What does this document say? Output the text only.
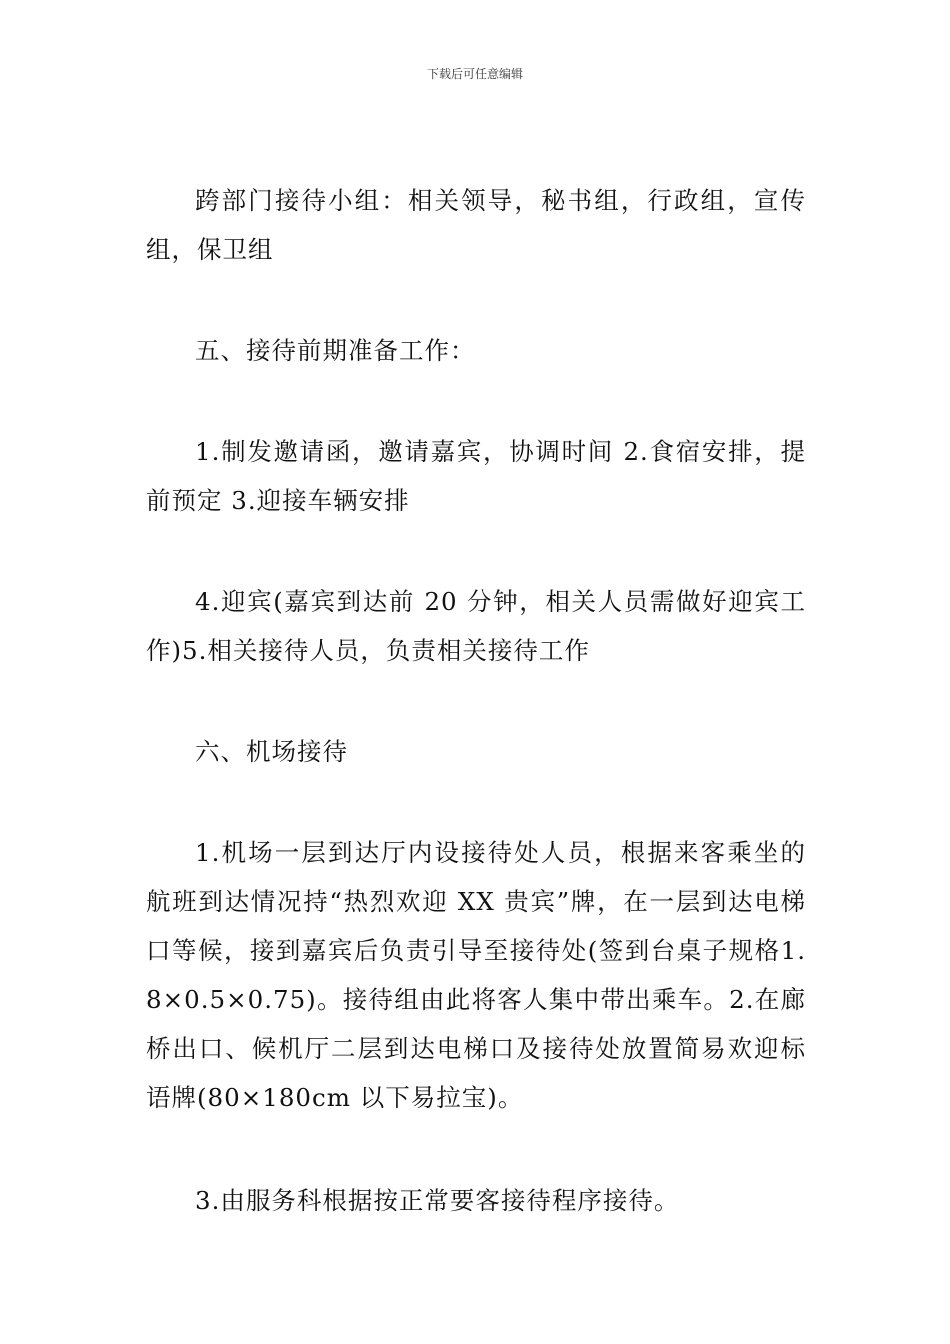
下载后可任意编辑

跨部门接待小组：相关领导，秘书组，行政组，宣传组，保卫组

五、接待前期准备工作：

1.制发邀请函，邀请嘉宾，协调时间 2.食宿安排，提前预定 3.迎接车辆安排

4.迎宾(嘉宾到达前 20 分钟，相关人员需做好迎宾工作)5.相关接待人员，负责相关接待工作

六、机场接待

1.机场一层到达厅内设接待处人员，根据来客乘坐的航班到达情况持“热烈欢迎 XX 贵宾”牌，在一层到达电梯口等候，接到嘉宾后负责引导至接待处(签到台桌子规格1.8×0.5×0.75)。接待组由此将客人集中带出乘车。2.在廊桥出口、候机厅二层到达电梯口及接待处放置简易欢迎标语牌(80×180cm 以下易拉宝)。

3.由服务科根据按正常要客接待程序接待。
